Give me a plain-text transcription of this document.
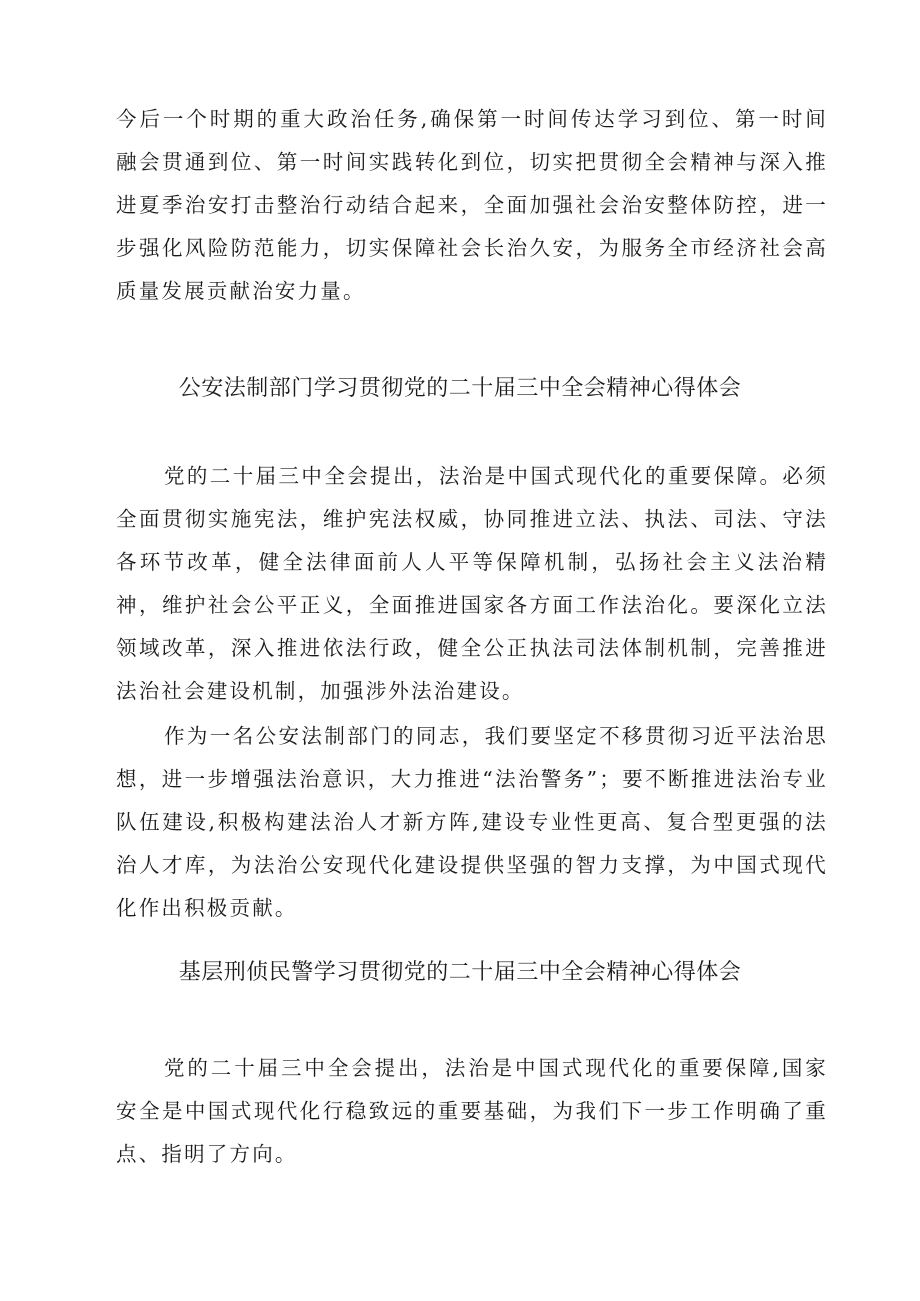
今后一个时期的重大政治任务,确保第一时间传达学习到位、第一时间融会贯通到位、第一时间实践转化到位，切实把贯彻全会精神与深入推进夏季治安打击整治行动结合起来，全面加强社会治安整体防控，进一步强化风险防范能力，切实保障社会长治久安，为服务全市经济社会高质量发展贡献治安力量。

公安法制部门学习贯彻党的二十届三中全会精神心得体会

党的二十届三中全会提出，法治是中国式现代化的重要保障。必须全面贯彻实施宪法，维护宪法权威，协同推进立法、执法、司法、守法各环节改革，健全法律面前人人平等保障机制，弘扬社会主义法治精神，维护社会公平正义，全面推进国家各方面工作法治化。要深化立法领域改革，深入推进依法行政，健全公正执法司法体制机制，完善推进法治社会建设机制，加强涉外法治建设。

作为一名公安法制部门的同志，我们要坚定不移贯彻习近平法治思想，进一步增强法治意识，大力推进“法治警务”；要不断推进法治专业队伍建设,积极构建法治人才新方阵,建设专业性更高、复合型更强的法治人才库，为法治公安现代化建设提供坚强的智力支撑，为中国式现代化作出积极贡献。

基层刑侦民警学习贯彻党的二十届三中全会精神心得体会

党的二十届三中全会提出，法治是中国式现代化的重要保障,国家安全是中国式现代化行稳致远的重要基础，为我们下一步工作明确了重点、指明了方向。
